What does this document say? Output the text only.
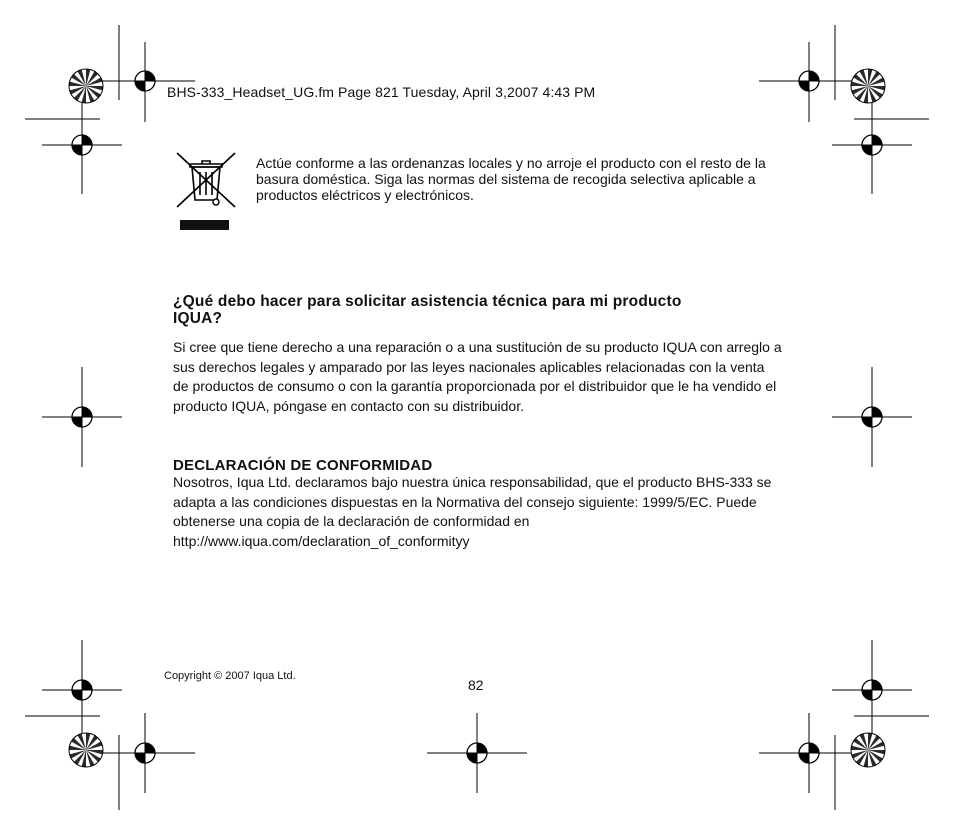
BHS-333_Headset_UG.fm Page 821 Tuesday, April 3,2007 4:43 PM
Actúe conforme a las ordenanzas locales y no arroje el producto con el resto de la basura doméstica. Siga las normas del sistema de recogida selectiva aplicable a productos eléctricos y electrónicos.
¿Qué debo hacer para solicitar asistencia técnica para mi producto IQUA?
Si cree que tiene derecho a una reparación o a una sustitución de su producto IQUA con arreglo a sus derechos legales y amparado por las leyes nacionales aplicables relacionadas con la venta de productos de consumo o con la garantía proporcionada por el distribuidor que le ha vendido el producto IQUA, póngase en contacto con su distribuidor.
DECLARACIÓN DE CONFORMIDAD
Nosotros, Iqua Ltd. declaramos bajo nuestra única responsabilidad, que el producto BHS-333 se adapta a las condiciones dispuestas en la Normativa del consejo siguiente: 1999/5/EC. Puede obtenerse una copia de la declaración de conformidad en http://www.iqua.com/declaration_of_conformityy
Copyright © 2007 Iqua Ltd.
82
